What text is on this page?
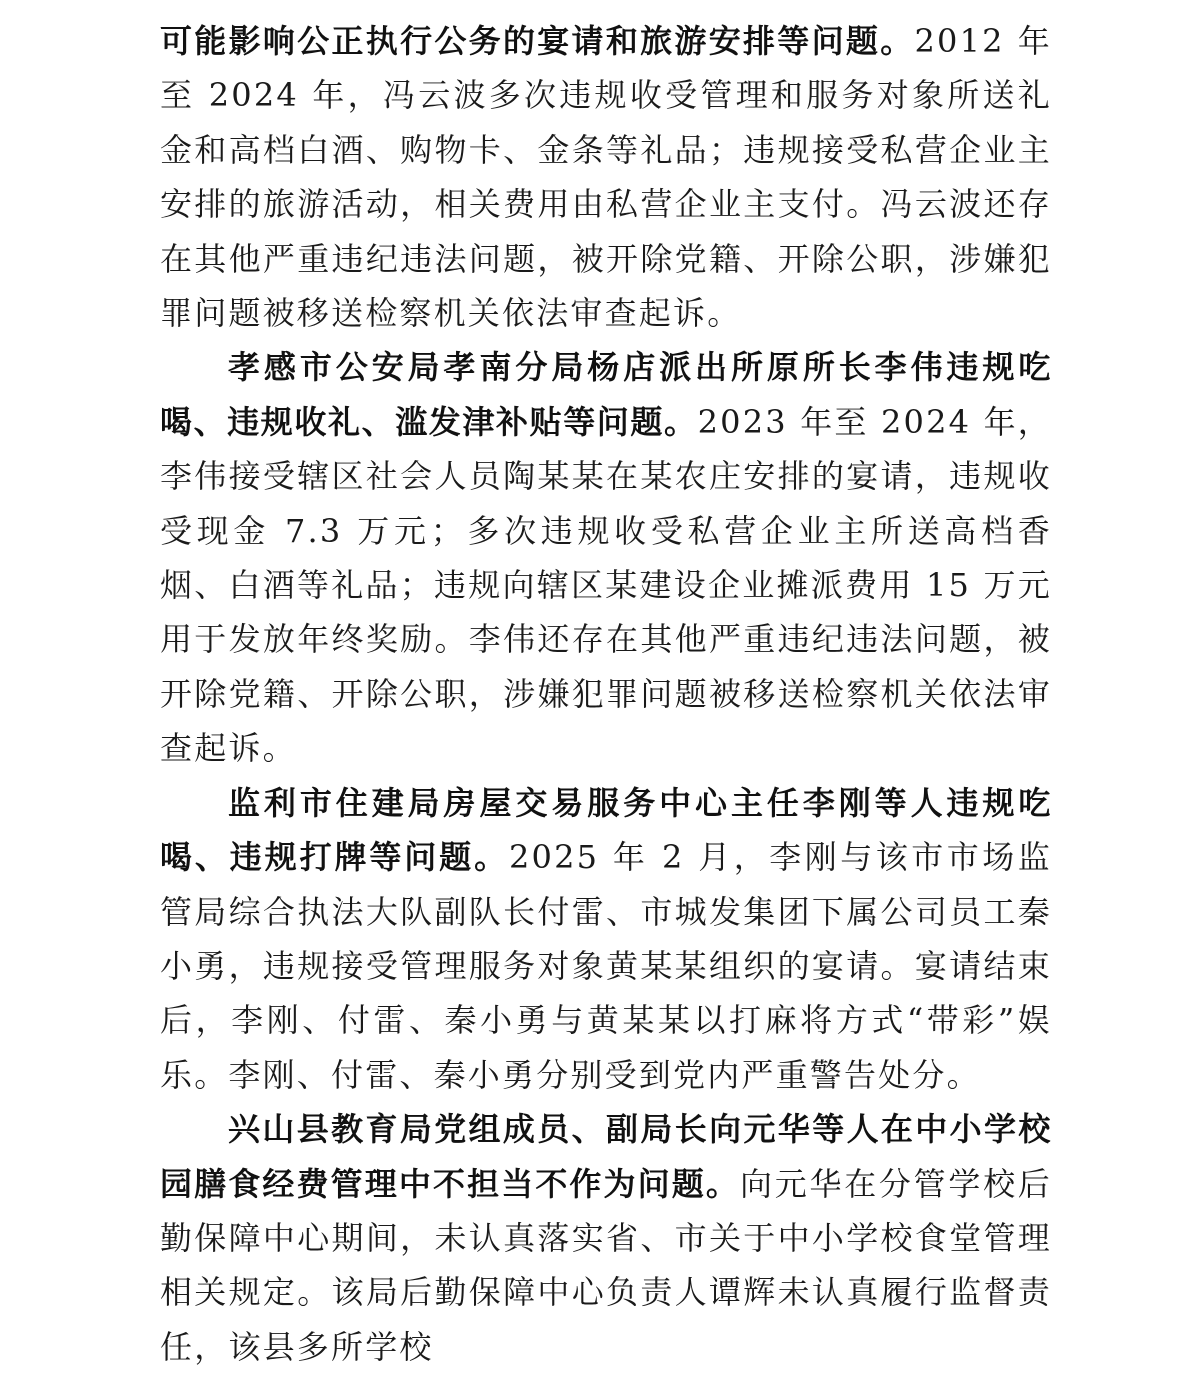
可能影响公正执行公务的宴请和旅游安排等问题。2012 年至 2024 年，冯云波多次违规收受管理和服务对象所送礼金和高档白酒、购物卡、金条等礼品；违规接受私营企业主安排的旅游活动，相关费用由私营企业主支付。冯云波还存在其他严重违纪违法问题，被开除党籍、开除公职，涉嫌犯罪问题被移送检察机关依法审查起诉。

孝感市公安局孝南分局杨店派出所原所长李伟违规吃喝、违规收礼、滥发津补贴等问题。2023 年至 2024 年，李伟接受辖区社会人员陶某某在某农庄安排的宴请，违规收受现金 7.3 万元；多次违规收受私营企业主所送高档香烟、白酒等礼品；违规向辖区某建设企业摊派费用 15 万元用于发放年终奖励。李伟还存在其他严重违纪违法问题，被开除党籍、开除公职，涉嫌犯罪问题被移送检察机关依法审查起诉。

监利市住建局房屋交易服务中心主任李刚等人违规吃喝、违规打牌等问题。2025 年 2 月，李刚与该市市场监管局综合执法大队副队长付雷、市城发集团下属公司员工秦小勇，违规接受管理服务对象黄某某组织的宴请。宴请结束后，李刚、付雷、秦小勇与黄某某以打麻将方式“带彩”娱乐。李刚、付雷、秦小勇分别受到党内严重警告处分。

兴山县教育局党组成员、副局长向元华等人在中小学校园膳食经费管理中不担当不作为问题。向元华在分管学校后勤保障中心期间，未认真落实省、市关于中小学校食堂管理相关规定。该局后勤保障中心负责人谭辉未认真履行监督责任，该县多所学校
